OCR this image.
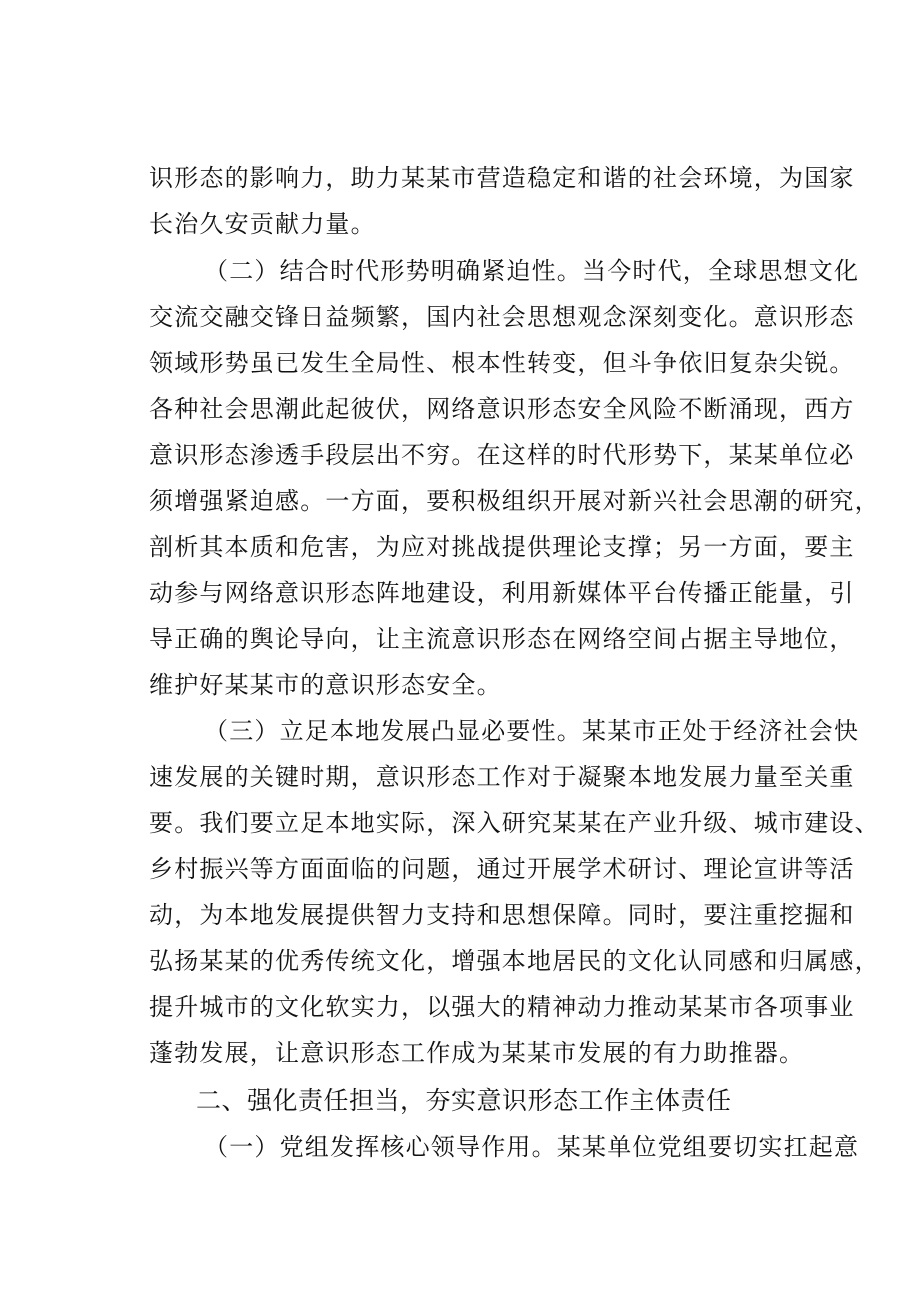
识形态的影响力，助力某某市营造稳定和谐的社会环境，为国家
长治久安贡献力量。
（二）结合时代形势明确紧迫性。当今时代，全球思想文化
交流交融交锋日益频繁，国内社会思想观念深刻变化。意识形态
领域形势虽已发生全局性、根本性转变，但斗争依旧复杂尖锐。
各种社会思潮此起彼伏，网络意识形态安全风险不断涌现，西方
意识形态渗透手段层出不穷。在这样的时代形势下，某某单位必
须增强紧迫感。一方面，要积极组织开展对新兴社会思潮的研究，
剖析其本质和危害，为应对挑战提供理论支撑；另一方面，要主
动参与网络意识形态阵地建设，利用新媒体平台传播正能量，引
导正确的舆论导向，让主流意识形态在网络空间占据主导地位，
维护好某某市的意识形态安全。
（三）立足本地发展凸显必要性。某某市正处于经济社会快
速发展的关键时期，意识形态工作对于凝聚本地发展力量至关重
要。我们要立足本地实际，深入研究某某在产业升级、城市建设、
乡村振兴等方面面临的问题，通过开展学术研讨、理论宣讲等活
动，为本地发展提供智力支持和思想保障。同时，要注重挖掘和
弘扬某某的优秀传统文化，增强本地居民的文化认同感和归属感，
提升城市的文化软实力，以强大的精神动力推动某某市各项事业
蓬勃发展，让意识形态工作成为某某市发展的有力助推器。
二、强化责任担当，夯实意识形态工作主体责任
（一）党组发挥核心领导作用。某某单位党组要切实扛起意
